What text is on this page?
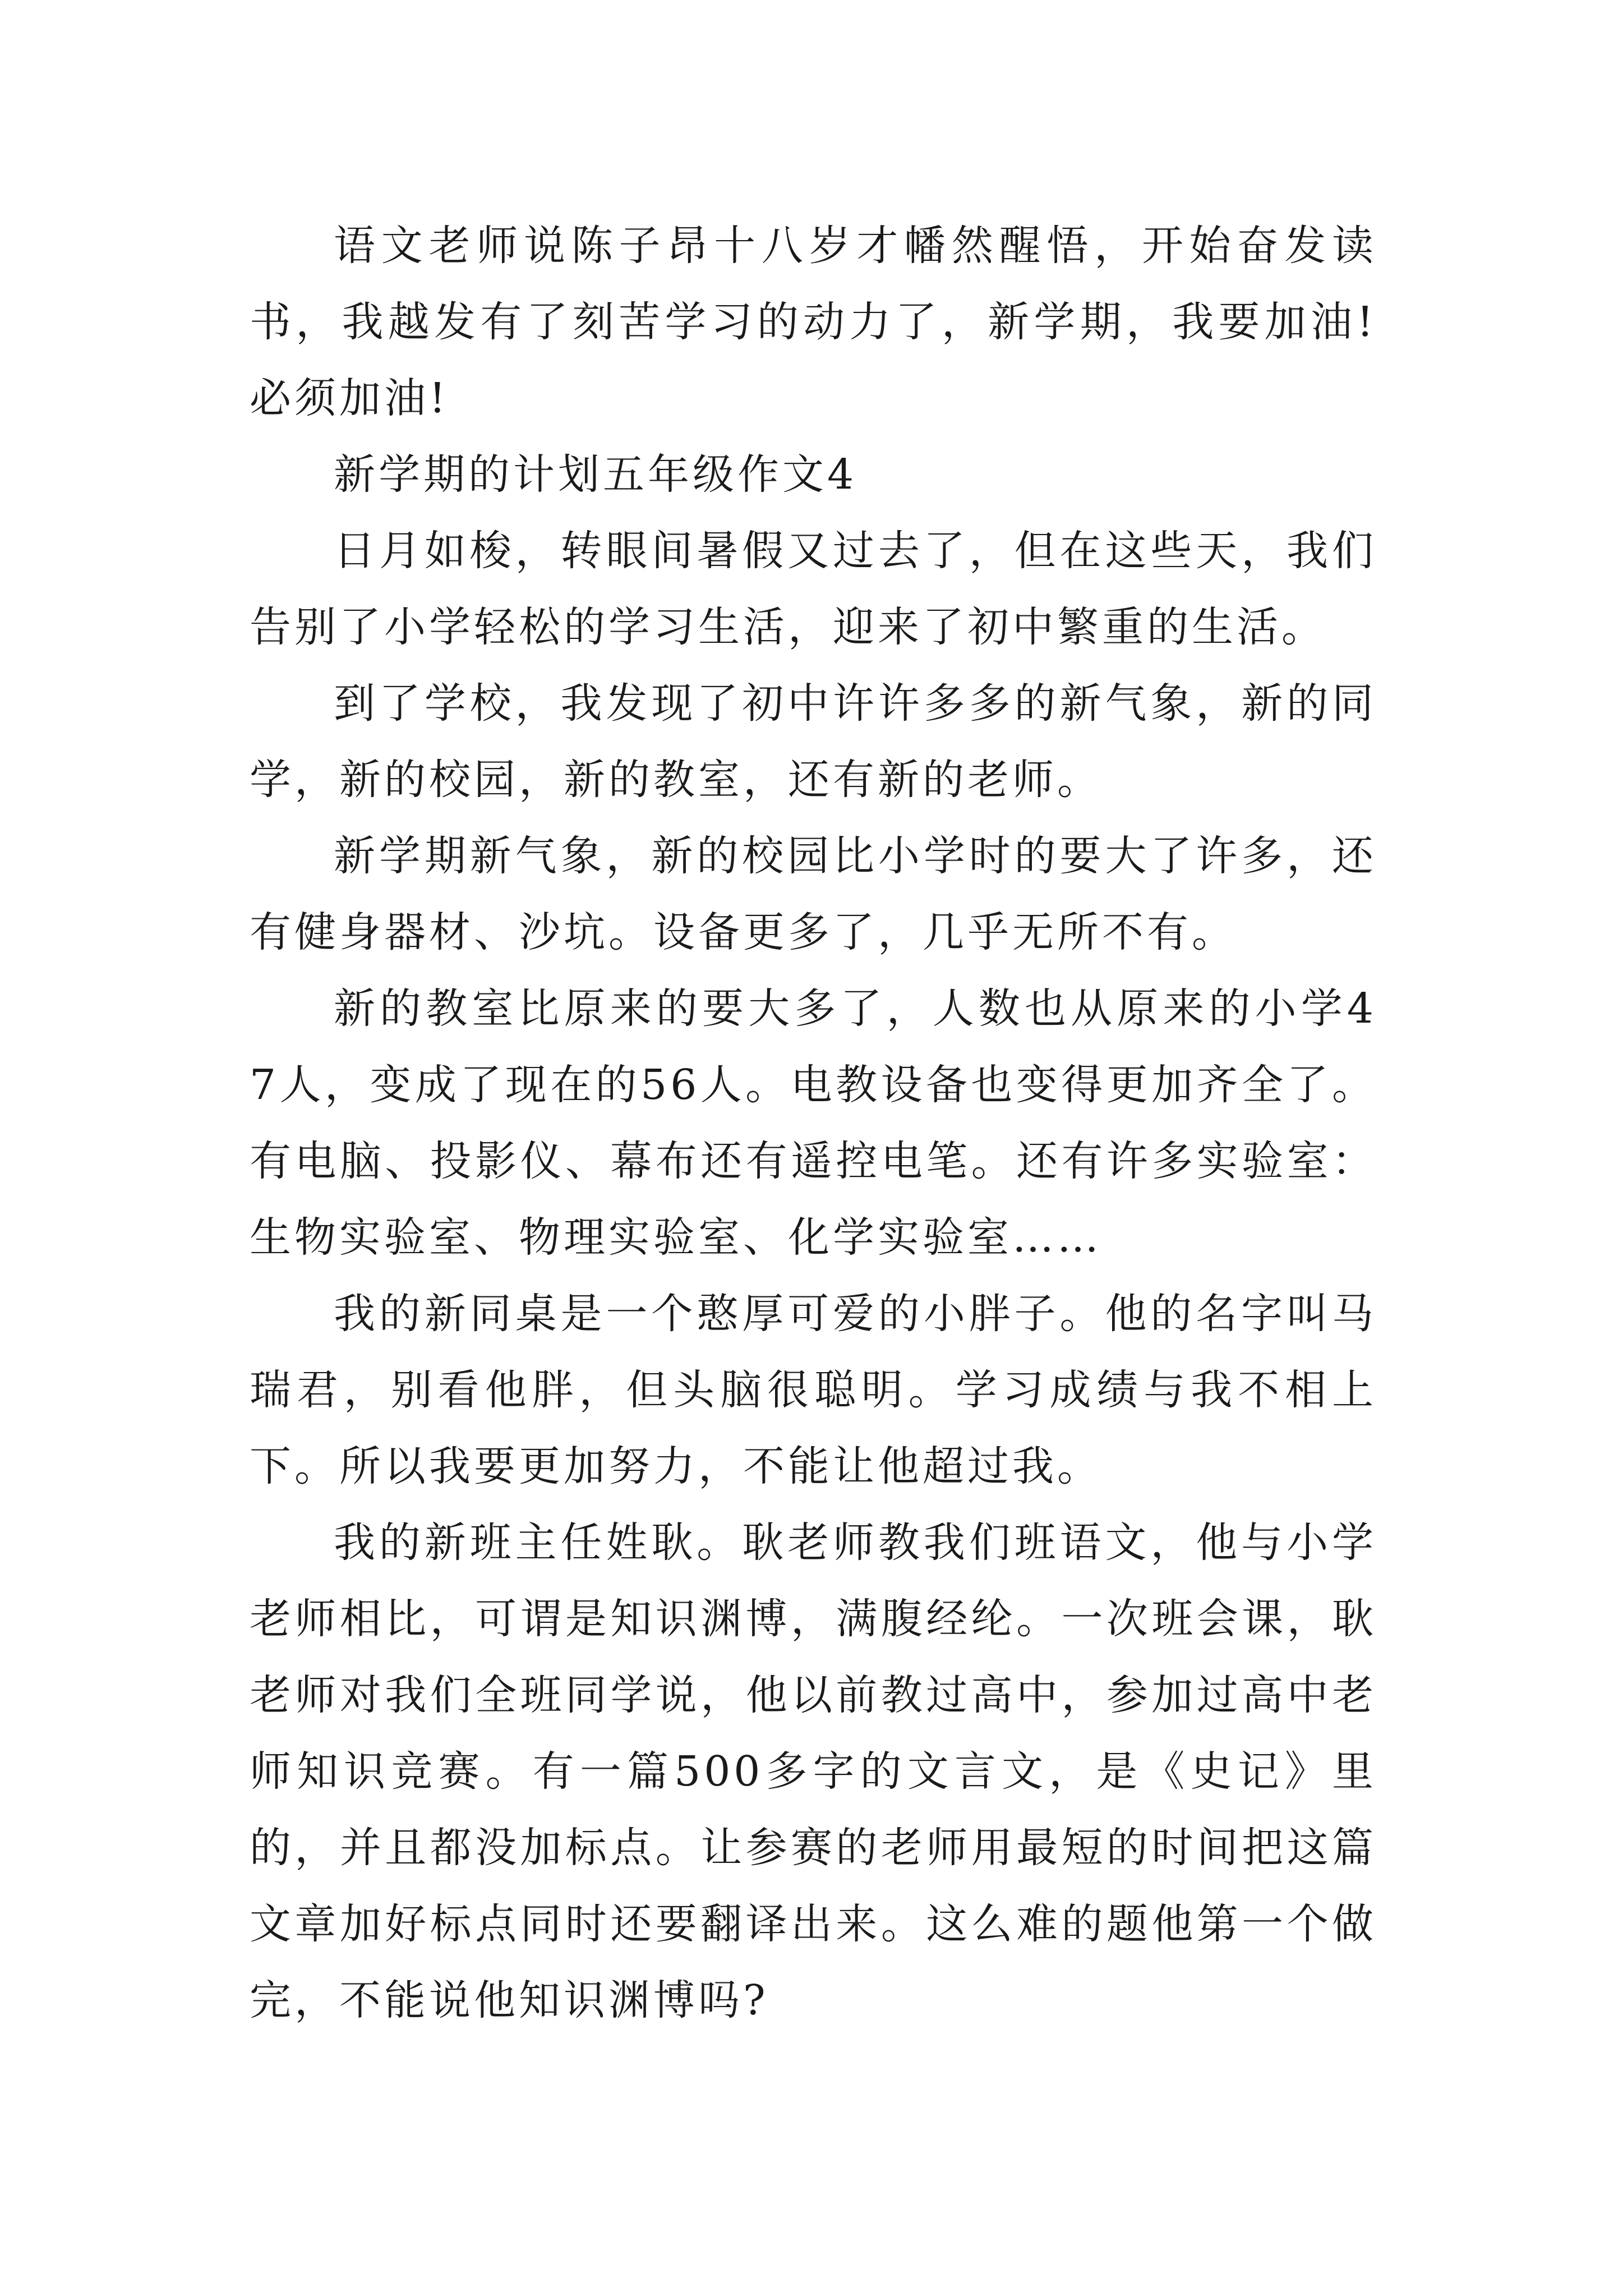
语文老师说陈子昂十八岁才幡然醒悟，开始奋发读书，我越发有了刻苦学习的动力了，新学期，我要加油!必须加油!

新学期的计划五年级作文4

日月如梭，转眼间暑假又过去了，但在这些天，我们告别了小学轻松的学习生活，迎来了初中繁重的生活。

到了学校，我发现了初中许许多多的新气象，新的同学，新的校园，新的教室，还有新的老师。

新学期新气象，新的校园比小学时的要大了许多，还有健身器材、沙坑。设备更多了，几乎无所不有。

新的教室比原来的要大多了，人数也从原来的小学47人，变成了现在的56人。电教设备也变得更加齐全了。有电脑、投影仪、幕布还有遥控电笔。还有许多实验室：生物实验室、物理实验室、化学实验室……

我的新同桌是一个憨厚可爱的小胖子。他的名字叫马瑞君，别看他胖，但头脑很聪明。学习成绩与我不相上下。所以我要更加努力，不能让他超过我。

我的新班主任姓耿。耿老师教我们班语文，他与小学老师相比，可谓是知识渊博，满腹经纶。一次班会课，耿老师对我们全班同学说，他以前教过高中，参加过高中老师知识竞赛。有一篇500多字的文言文，是《史记》里的，并且都没加标点。让参赛的老师用最短的时间把这篇文章加好标点同时还要翻译出来。这么难的题他第一个做完，不能说他知识渊博吗?
